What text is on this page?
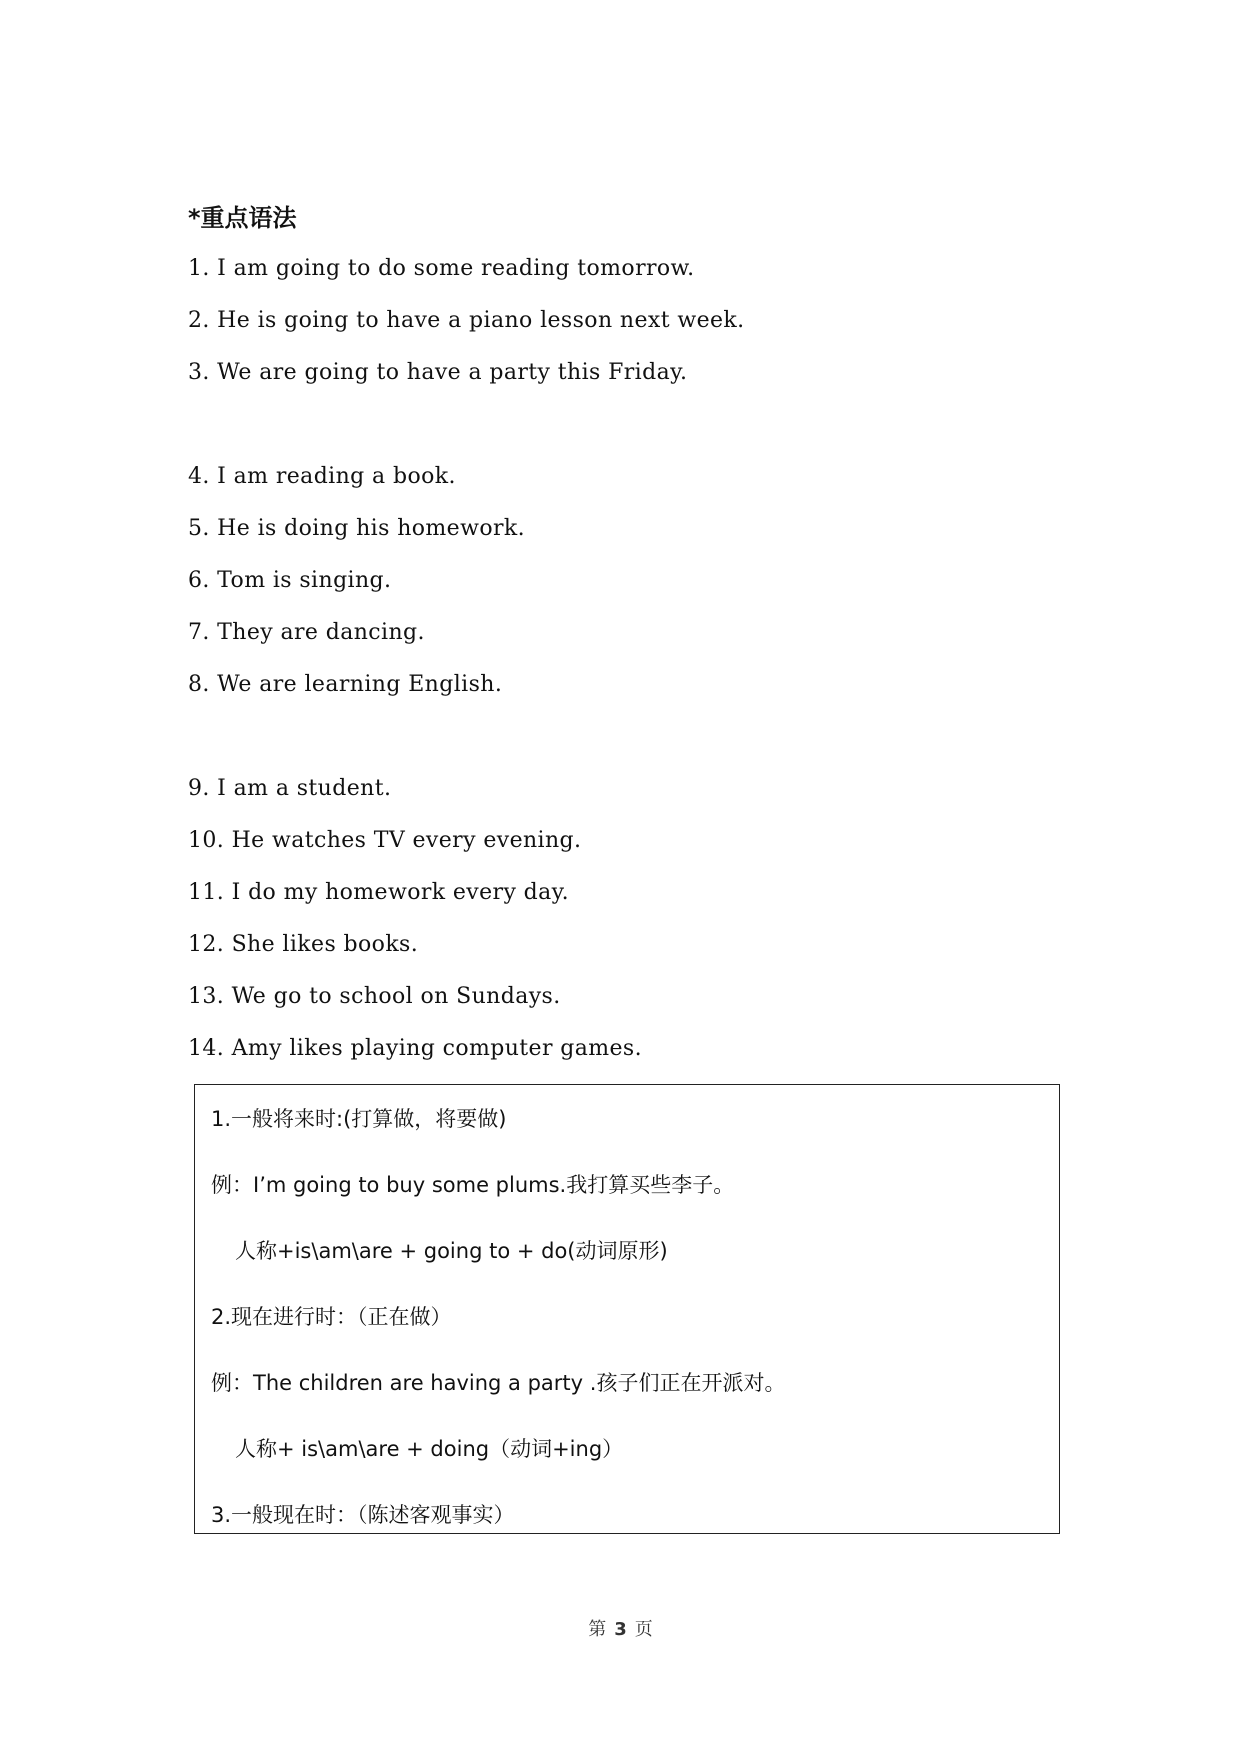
*重点语法
1. I am going to do some reading tomorrow.
2. He is going to have a piano lesson next week.
3. We are going to have a party this Friday.
4. I am reading a book.
5. He is doing his homework.
6. Tom is singing.
7. They are dancing.
8. We are learning English.
9. I am a student.
10. He watches TV every evening.
11. I do my homework every day.
12. She likes books.
13. We go to school on Sundays.
14. Amy likes playing computer games.
1.一般将来时:(打算做，将要做)
例：I’m going to buy some plums.我打算买些李子。
人称+is\am\are + going to + do(动词原形)
2.现在进行时：（正在做）
例：The children are having a party .孩子们正在开派对。
人称+ is\am\are + doing（动词+ing）
3.一般现在时：（陈述客观事实）
第 3 页
